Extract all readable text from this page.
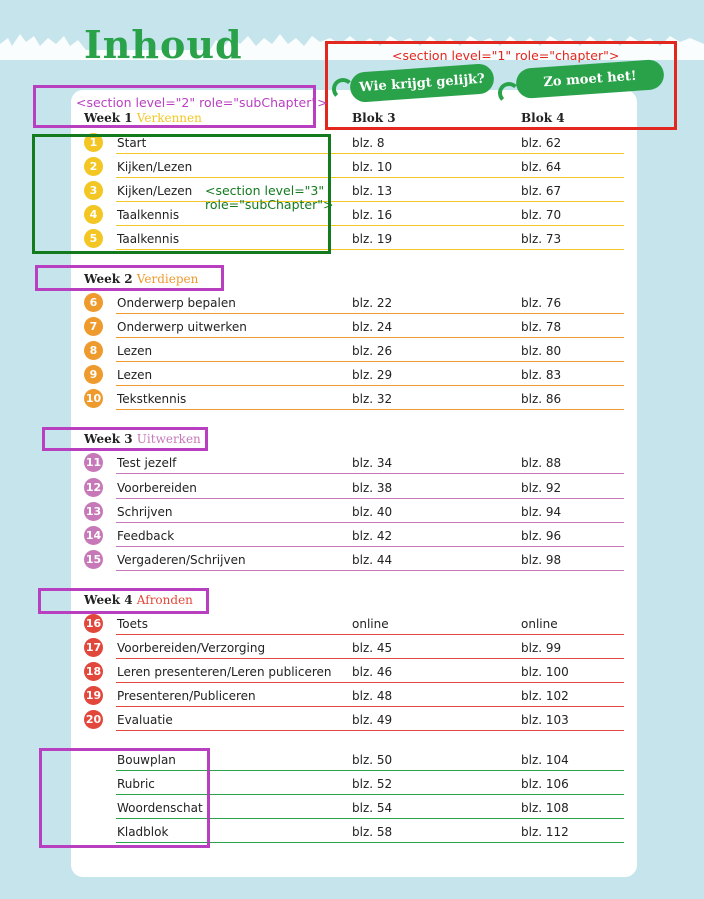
Inhoud
Wie krijgt gelijk?	Zo moet het!
Blok 3	Blok 4
Week 1 Verkennen
Week 2 Verdiepen
Week 3 Uitwerken
Week 4 Afronden
1	Start	blz. 8	blz. 62
2	Kijken/Lezen	blz. 10	blz. 64
3	Kijken/Lezen	blz. 13	blz. 67
4	Taalkennis	blz. 16	blz. 70
5	Taalkennis	blz. 19	blz. 73
6	Onderwerp bepalen	blz. 22	blz. 76
7	Onderwerp uitwerken	blz. 24	blz. 78
8	Lezen	blz. 26	blz. 80
9	Lezen	blz. 29	blz. 83
10 Tekstkennis	blz. 32	blz. 86
11 Test jezelf	blz. 34	blz. 88
12 Voorbereiden	blz. 38	blz. 92
13 Schrijven	blz. 40	blz. 94
14 Feedback	blz. 42	blz. 96
15 Vergaderen/Schrijven	blz. 44	blz. 98
16 Toets	online	online
17 Voorbereiden/Verzorging	blz. 45	blz. 99
18 Leren presenteren/Leren publiceren blz. 46	blz. 100
19 Presenteren/Publiceren	blz. 48	blz. 102
20 Evaluatie	blz. 49	blz. 103
Bouwplan	blz. 50	blz. 104
Rubric	blz. 52	blz. 106
Woordenschat	blz. 54	blz. 108
Kladblok	blz. 58	blz. 112
<section level="1" role="chapter">
<section level="2" role="subChapter">
<section level="3"
role="subChapter">
